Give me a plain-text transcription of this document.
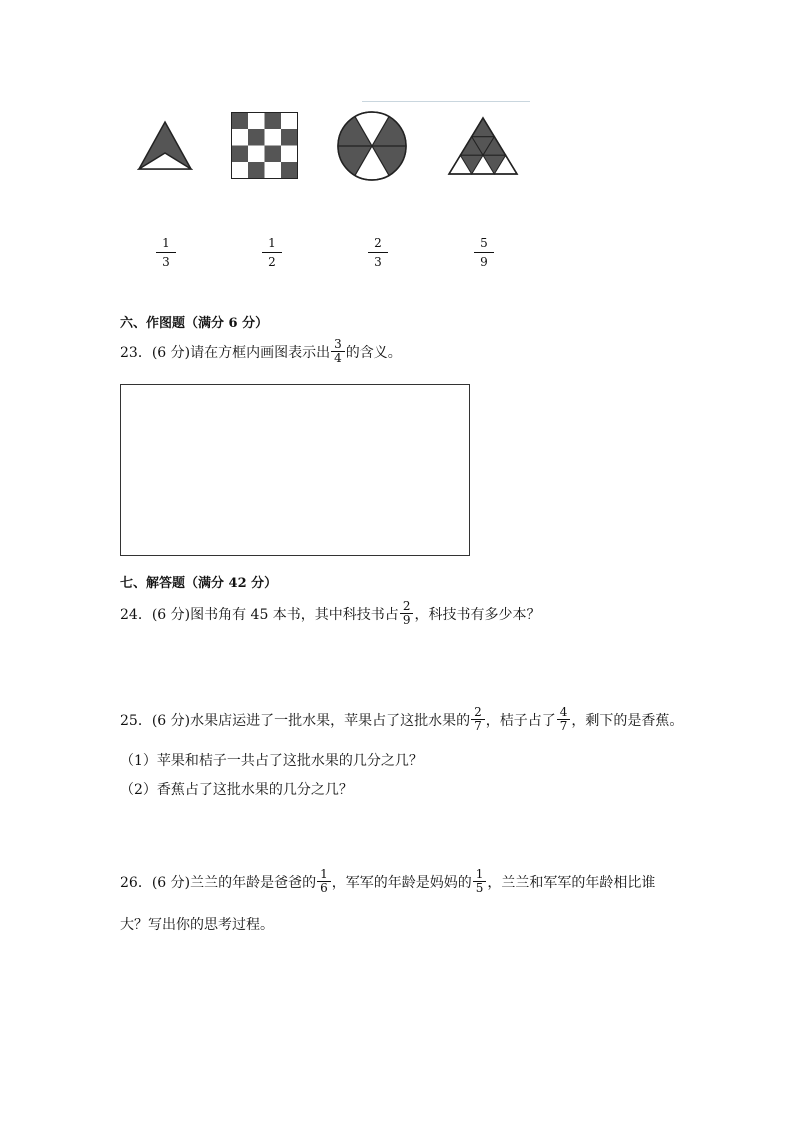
$\frac{1}{3}$	$\frac{1}{2}$	$\frac{2}{3}$	$\frac{5}{9}$
六、作图题（满分 6 分）
23．(6 分)请在方框内画图表示出 $\frac{3}{4}$ 的含义。
七、解答题（满分 42 分）
24．(6 分)图书角有 45 本书，其中科技书占 $\frac{2}{9}$ ，科技书有多少本？
25．(6 分)水果店运进了一批水果，苹果占了这批水果的 $\frac{2}{7}$ ，桔子占了 $\frac{4}{7}$ ，剩下的是香蕉。
（1）苹果和桔子一共占了这批水果的几分之几？
（2）香蕉占了这批水果的几分之几？
26．(6 分)兰兰的年龄是爸爸的 $\frac{1}{6}$ ，军军的年龄是妈妈的 $\frac{1}{5}$ ，兰兰和军军的年龄相比谁
大？写出你的思考过程。
